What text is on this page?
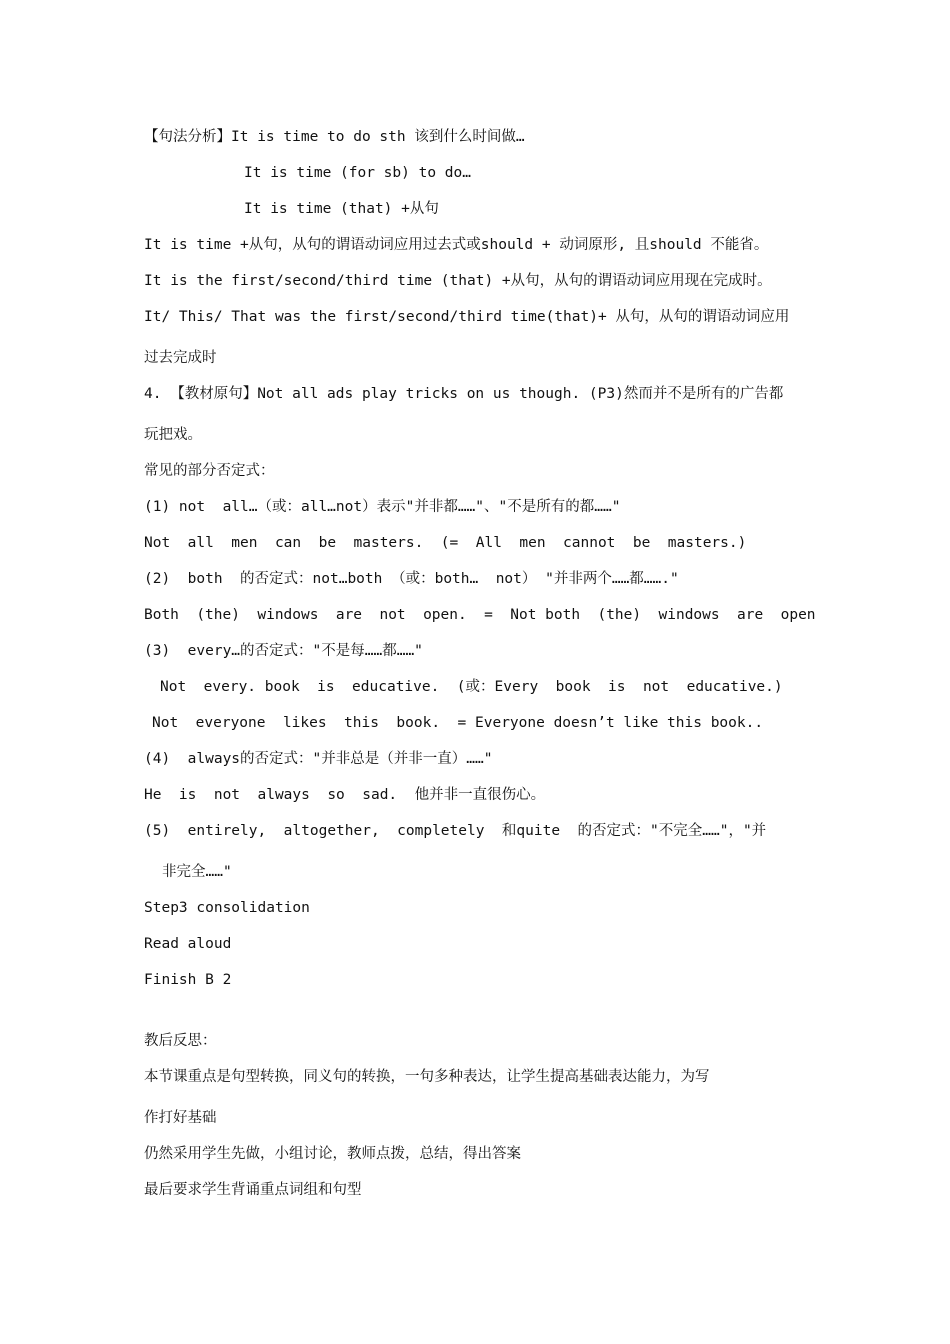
【句法分析】It is time to do sth 该到什么时间做…
It is time (for sb) to do…
It is time (that) +从句
It is time +从句，从句的谓语动词应用过去式或should + 动词原形, 且should 不能省。
It is the first/second/third time (that) +从句，从句的谓语动词应用现在完成时。
It/ This/ That was the first/second/third time(that)+ 从句，从句的谓语动词应用
过去完成时
4. 【教材原句】Not all ads play tricks on us though. (P3)然而并不是所有的广告都
玩把戏。
常见的部分否定式：
(1) not  all…（或：all…not）表示"并非都……"、"不是所有的都……"
Not  all  men  can  be  masters.  (=  All  men  cannot  be  masters.)
(2)  both  的否定式：not…both （或：both…  not） "并非两个……都……."
Both  (the)  windows  are  not  open.  =  Not both  (the)  windows  are  open
(3)  every…的否定式："不是每……都……"
Not  every. book  is  educative.  (或：Every  book  is  not  educative.)
Not  everyone  likes  this  book.  = Everyone doesn’t like this book..
(4)  always的否定式："并非总是（并非一直）……"
He  is  not  always  so  sad.  他并非一直很伤心。
(5)  entirely,  altogether,  completely  和quite  的否定式："不完全……"，"并
非完全……"
Step3 consolidation
Read aloud
Finish B 2
教后反思：
本节课重点是句型转换，同义句的转换，一句多种表达，让学生提高基础表达能力，为写
作打好基础
仍然采用学生先做，小组讨论，教师点拨，总结，得出答案
最后要求学生背诵重点词组和句型
